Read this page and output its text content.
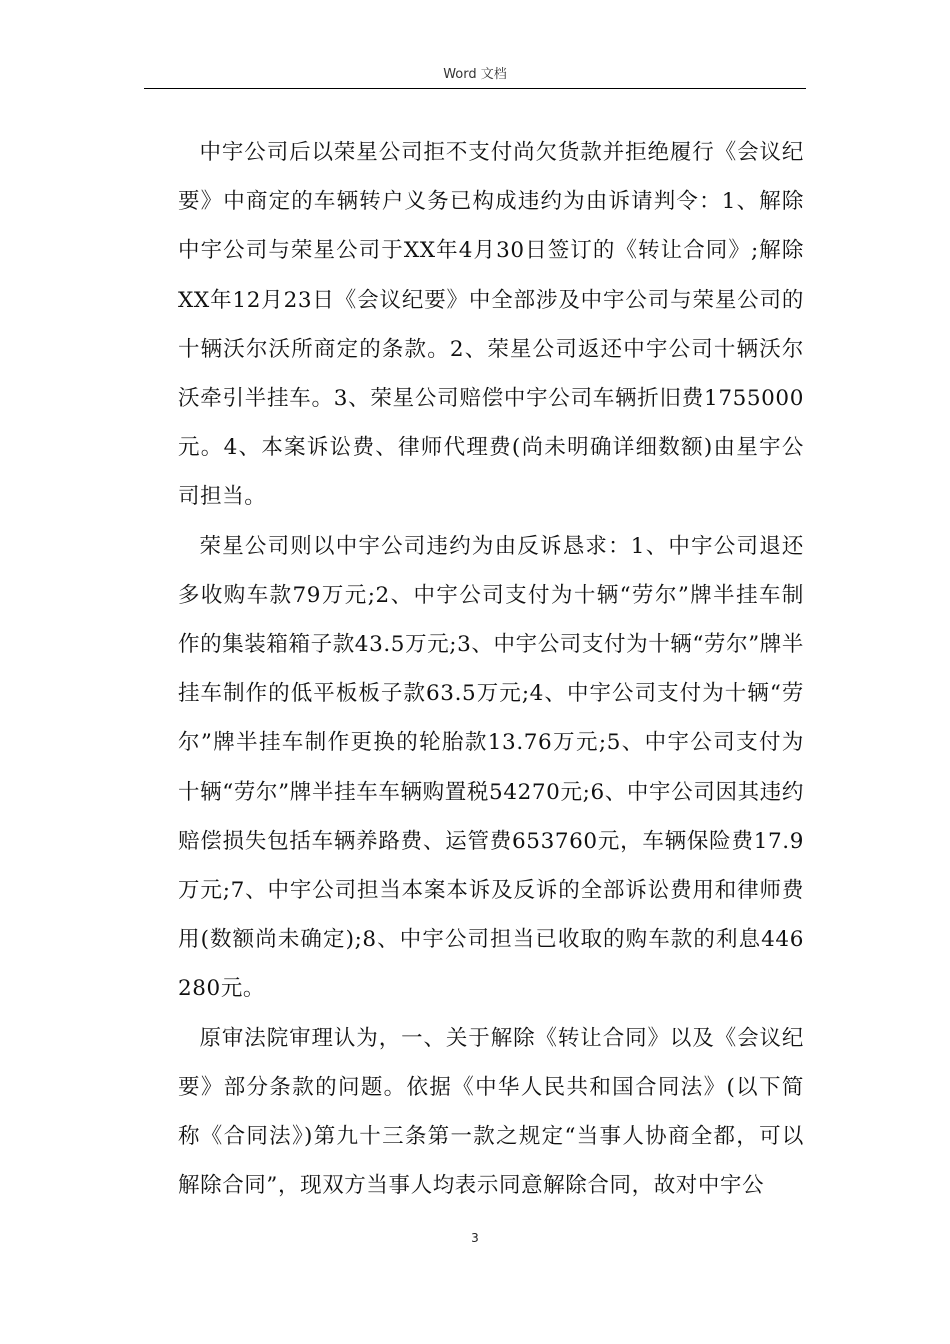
Word 文档

中宇公司后以荣星公司拒不支付尚欠货款并拒绝履行《会议纪要》中商定的车辆转户义务已构成违约为由诉请判令：1、解除中宇公司与荣星公司于XX年4月30日签订的《转让合同》;解除XX年12月23日《会议纪要》中全部涉及中宇公司与荣星公司的十辆沃尔沃所商定的条款。2、荣星公司返还中宇公司十辆沃尔沃牵引半挂车。3、荣星公司赔偿中宇公司车辆折旧费1755000元。4、本案诉讼费、律师代理费(尚未明确详细数额)由星宇公司担当。

荣星公司则以中宇公司违约为由反诉恳求：1、中宇公司退还多收购车款79万元;2、中宇公司支付为十辆“劳尔”牌半挂车制作的集装箱箱子款43.5万元;3、中宇公司支付为十辆“劳尔”牌半挂车制作的低平板板子款63.5万元;4、中宇公司支付为十辆“劳尔”牌半挂车制作更换的轮胎款13.76万元;5、中宇公司支付为十辆“劳尔”牌半挂车车辆购置税54270元;6、中宇公司因其违约赔偿损失包括车辆养路费、运管费653760元，车辆保险费17.9万元;7、中宇公司担当本案本诉及反诉的全部诉讼费用和律师费用(数额尚未确定);8、中宇公司担当已收取的购车款的利息446280元。

原审法院审理认为，一、关于解除《转让合同》以及《会议纪要》部分条款的问题。依据《中华人民共和国合同法》(以下简称《合同法》)第九十三条第一款之规定“当事人协商全都，可以解除合同”，现双方当事人均表示同意解除合同，故对中宇公

3
